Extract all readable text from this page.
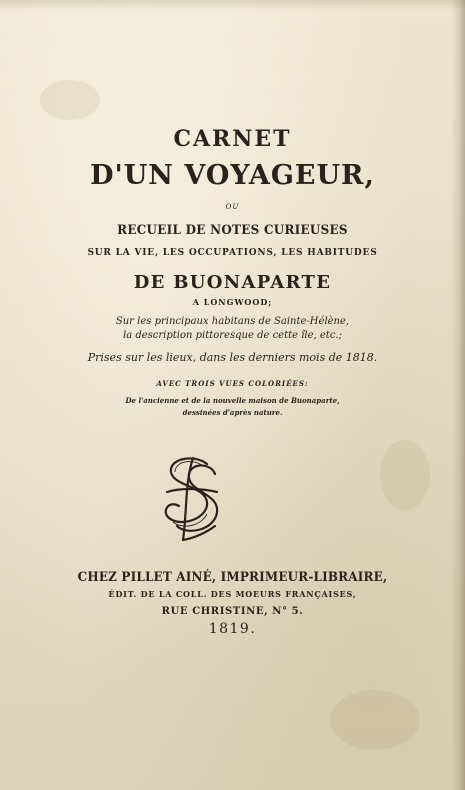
CARNET
D'UN VOYAGEUR,
OU
RECUEIL DE NOTES CURIEUSES
SUR LA VIE, LES OCCUPATIONS, LES HABITUDES
DE BUONAPARTE
A LONGWOOD;
Sur les principaux habitans de Sainte-Hélène,
la description pittoresque de cette île, etc.;
Prises sur les lieux, dans les derniers mois de 1818.
AVEC TROIS VUES COLORIÉES:
De l'ancienne et de la nouvelle maison de Buonaparte,
dessinées d'après nature.
CHEZ PILLET AINÉ, IMPRIMEUR-LIBRAIRE,
ÉDIT. DE LA COLL. DES MOEURS FRANÇAISES,
RUE CHRISTINE, N° 5.
1819.
